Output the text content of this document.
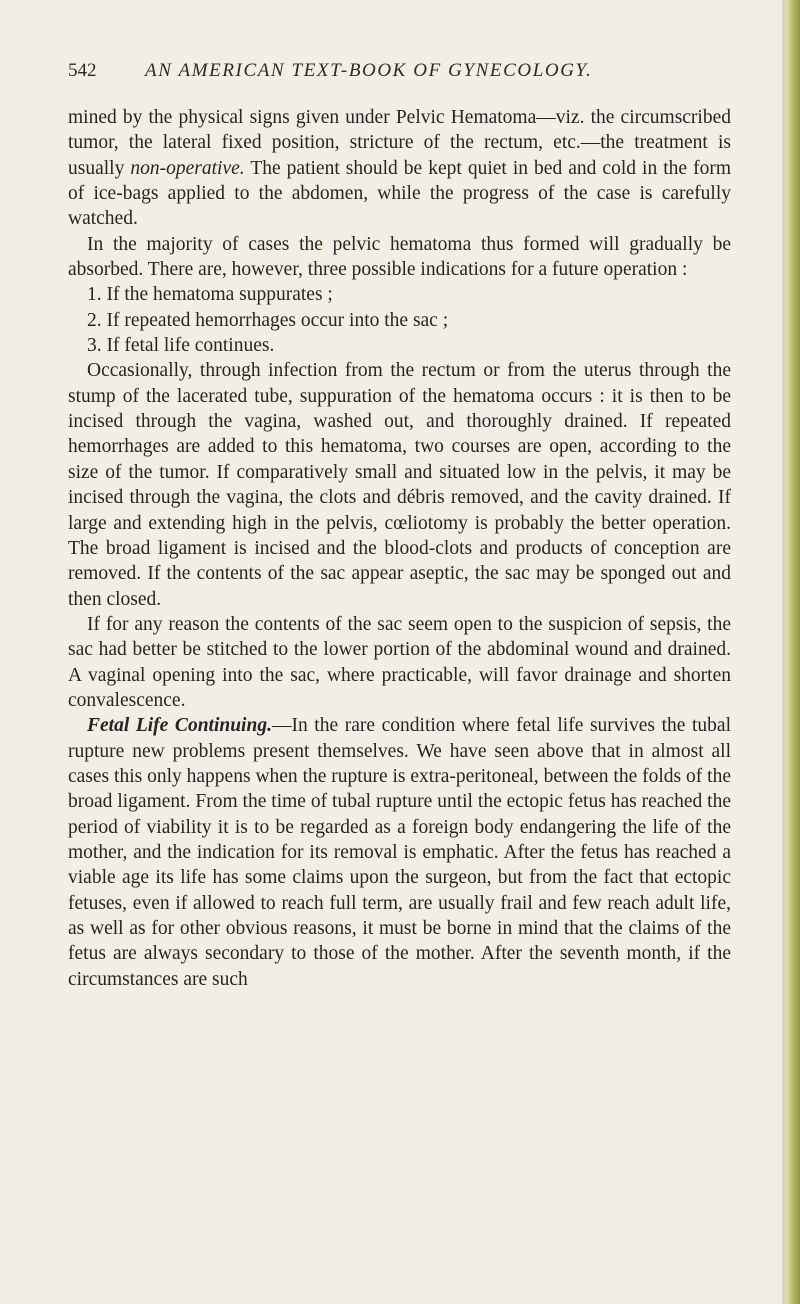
542	AN AMERICAN TEXT-BOOK OF GYNECOLOGY.

mined by the physical signs given under Pelvic Hematoma—viz. the circumscribed tumor, the lateral fixed position, stricture of the rectum, etc.—the treatment is usually non-operative. The patient should be kept quiet in bed and cold in the form of ice-bags applied to the abdomen, while the progress of the case is carefully watched.

In the majority of cases the pelvic hematoma thus formed will gradually be absorbed. There are, however, three possible indications for a future operation :

1. If the hematoma suppurates ;

2. If repeated hemorrhages occur into the sac ;

3. If fetal life continues.

Occasionally, through infection from the rectum or from the uterus through the stump of the lacerated tube, suppuration of the hematoma occurs : it is then to be incised through the vagina, washed out, and thoroughly drained. If repeated hemorrhages are added to this hematoma, two courses are open, according to the size of the tumor. If comparatively small and situated low in the pelvis, it may be incised through the vagina, the clots and débris removed, and the cavity drained. If large and extending high in the pelvis, cœliotomy is probably the better operation. The broad ligament is incised and the blood-clots and products of conception are removed. If the contents of the sac appear aseptic, the sac may be sponged out and then closed.

If for any reason the contents of the sac seem open to the suspicion of sepsis, the sac had better be stitched to the lower portion of the abdominal wound and drained. A vaginal opening into the sac, where practicable, will favor drainage and shorten convalescence.

Fetal Life Continuing.—In the rare condition where fetal life survives the tubal rupture new problems present themselves. We have seen above that in almost all cases this only happens when the rupture is extra-peritoneal, between the folds of the broad ligament. From the time of tubal rupture until the ectopic fetus has reached the period of viability it is to be regarded as a foreign body endangering the life of the mother, and the indication for its removal is emphatic. After the fetus has reached a viable age its life has some claims upon the surgeon, but from the fact that ectopic fetuses, even if allowed to reach full term, are usually frail and few reach adult life, as well as for other obvious reasons, it must be borne in mind that the claims of the fetus are always secondary to those of the mother. After the seventh month, if the circumstances are such
